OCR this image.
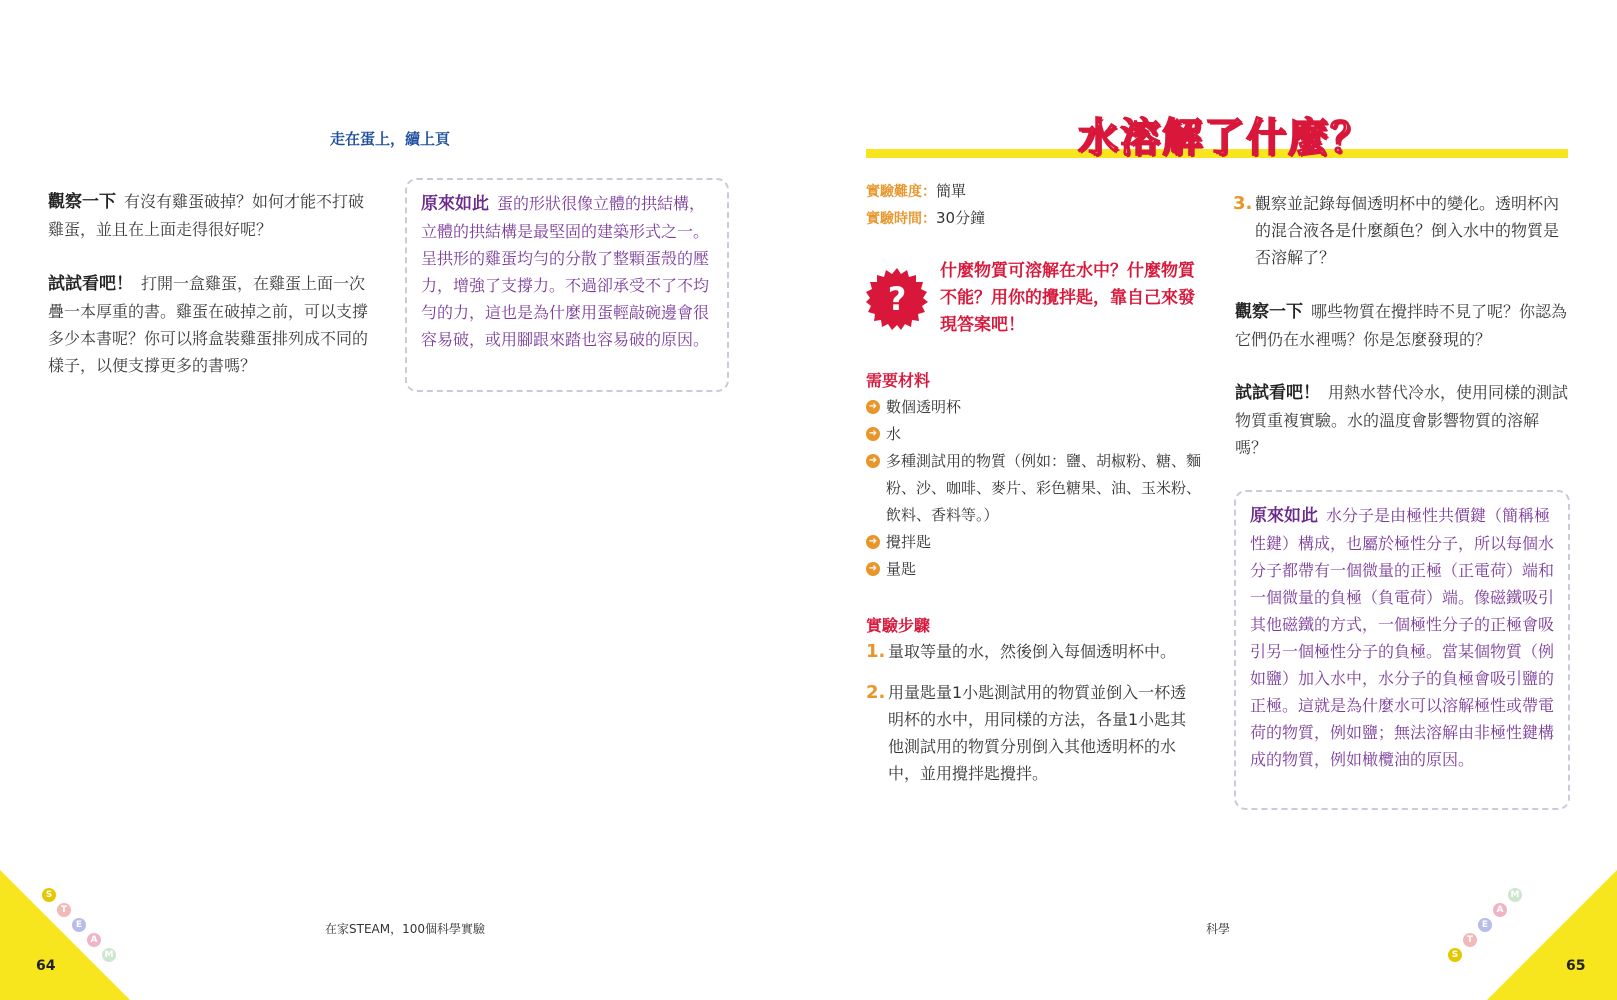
走在蛋上，續上頁
觀察一下 有沒有雞蛋破掉？如何才能不打破雞蛋，並且在上面走得很好呢？
試試看吧！ 打開一盒雞蛋，在雞蛋上面一次疊一本厚重的書。雞蛋在破掉之前，可以支撐多少本書呢？你可以將盒裝雞蛋排列成不同的樣子，以便支撐更多的書嗎？
原來如此 蛋的形狀很像立體的拱結構，立體的拱結構是最堅固的建築形式之一。呈拱形的雞蛋均勻的分散了整顆蛋殼的壓力，增強了支撐力。不過卻承受不了不均勻的力，這也是為什麼用蛋輕敲碗邊會很容易破，或用腳跟來踏也容易破的原因。
S
T
E
A
M
64
在家STEAM，100個科學實驗
水溶解了什麼？
實驗難度：簡單
實驗時間：30分鐘
?
什麼物質可溶解在水中？什麼物質不能？用你的攪拌匙，靠自己來發現答案吧！
需要材料
➜ 數個透明杯
➜ 水
➜ 多種測試用的物質（例如：鹽、胡椒粉、糖、麵粉、沙、咖啡、麥片、彩色糖果、油、玉米粉、飲料、香料等。）
➜ 攪拌匙
➜ 量匙
實驗步驟
1. 量取等量的水，然後倒入每個透明杯中。
2. 用量匙量1小匙測試用的物質並倒入一杯透明杯的水中，用同樣的方法，各量1小匙其他測試用的物質分別倒入其他透明杯的水中，並用攪拌匙攪拌。
3. 觀察並記錄每個透明杯中的變化。透明杯內的混合液各是什麼顏色？倒入水中的物質是否溶解了？
觀察一下 哪些物質在攪拌時不見了呢？你認為它們仍在水裡嗎？你是怎麼發現的？
試試看吧！ 用熱水替代冷水，使用同樣的測試物質重複實驗。水的溫度會影響物質的溶解嗎？
原來如此 水分子是由極性共價鍵（簡稱極性鍵）構成，也屬於極性分子，所以每個水分子都帶有一個微量的正極（正電荷）端和一個微量的負極（負電荷）端。像磁鐵吸引其他磁鐵的方式，一個極性分子的正極會吸引另一個極性分子的負極。當某個物質（例如鹽）加入水中，水分子的負極會吸引鹽的正極。這就是為什麼水可以溶解極性或帶電荷的物質，例如鹽；無法溶解由非極性鍵構成的物質，例如橄欖油的原因。
科學
M
A
E
T
S
65
